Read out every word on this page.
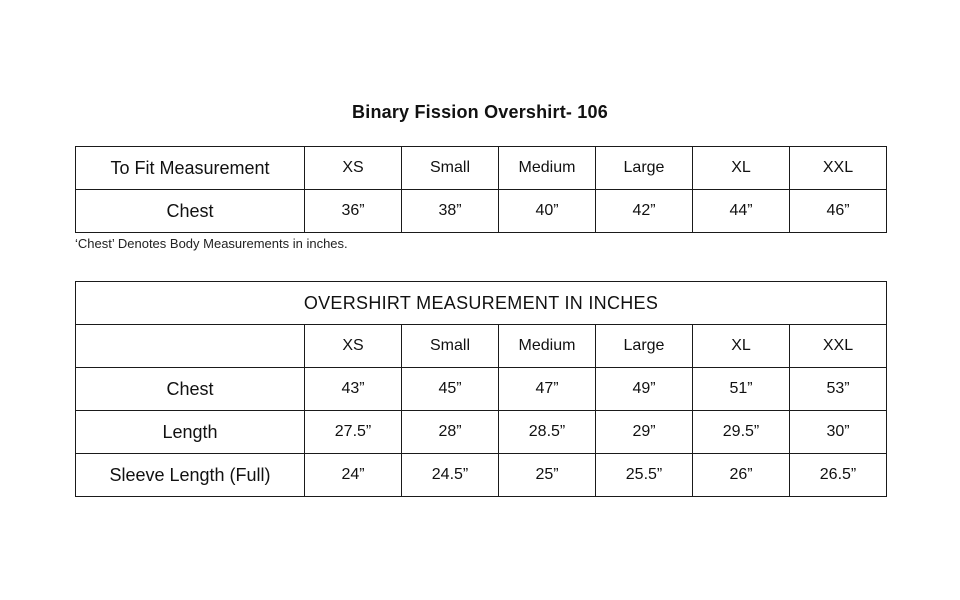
Binary Fission Overshirt- 106
To Fit Measurement	XS	Small	Medium	Large	XL	XXL
Chest	36”	38”	40”	42”	44”	46”
‘Chest’ Denotes Body Measurements in inches.
OVERSHIRT MEASUREMENT IN INCHES						
	XS	Small	Medium	Large	XL	XXL
Chest	43”	45”	47”	49”	51”	53”
Length	27.5”	28”	28.5”	29”	29.5”	30”
Sleeve Length (Full)	24”	24.5”	25”	25.5”	26”	26.5”
